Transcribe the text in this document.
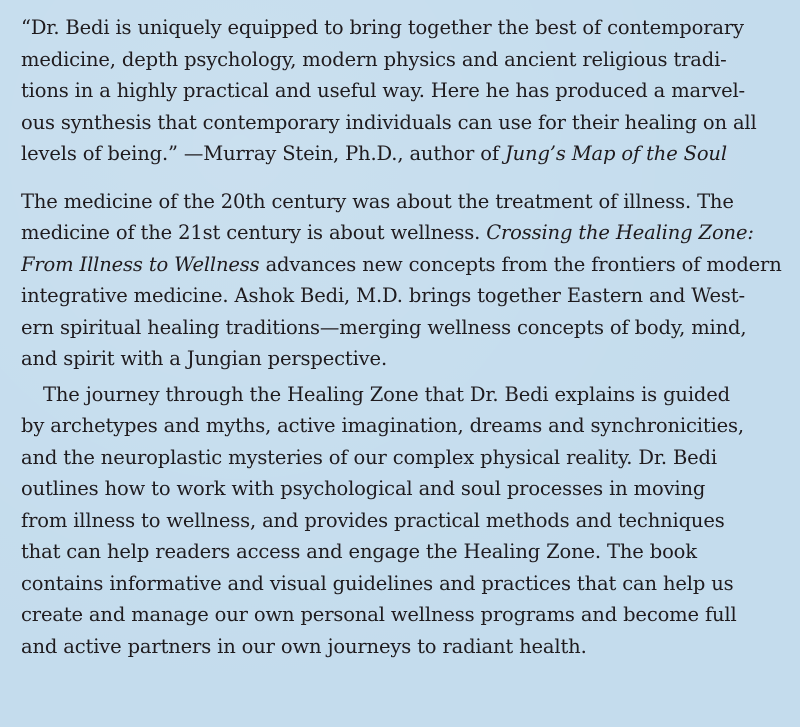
“Dr. Bedi is uniquely equipped to bring together the best of contemporary
medicine, depth psychology, modern physics and ancient religious tradi-
tions in a highly practical and useful way. Here he has produced a marvel-
ous synthesis that contemporary individuals can use for their healing on all
levels of being.” —Murray Stein, Ph.D., author of Jung’s Map of the Soul

The medicine of the 20th century was about the treatment of illness. The
medicine of the 21st century is about wellness. Crossing the Healing Zone:
From Illness to Wellness advances new concepts from the frontiers of modern
integrative medicine. Ashok Bedi, M.D. brings together Eastern and West-
ern spiritual healing traditions—merging wellness concepts of body, mind,
and spirit with a Jungian perspective.

The journey through the Healing Zone that Dr. Bedi explains is guided
by archetypes and myths, active imagination, dreams and synchronicities,
and the neuroplastic mysteries of our complex physical reality. Dr. Bedi
outlines how to work with psychological and soul processes in moving
from illness to wellness, and provides practical methods and techniques
that can help readers access and engage the Healing Zone. The book
contains informative and visual guidelines and practices that can help us
create and manage our own personal wellness programs and become full
and active partners in our own journeys to radiant health.
